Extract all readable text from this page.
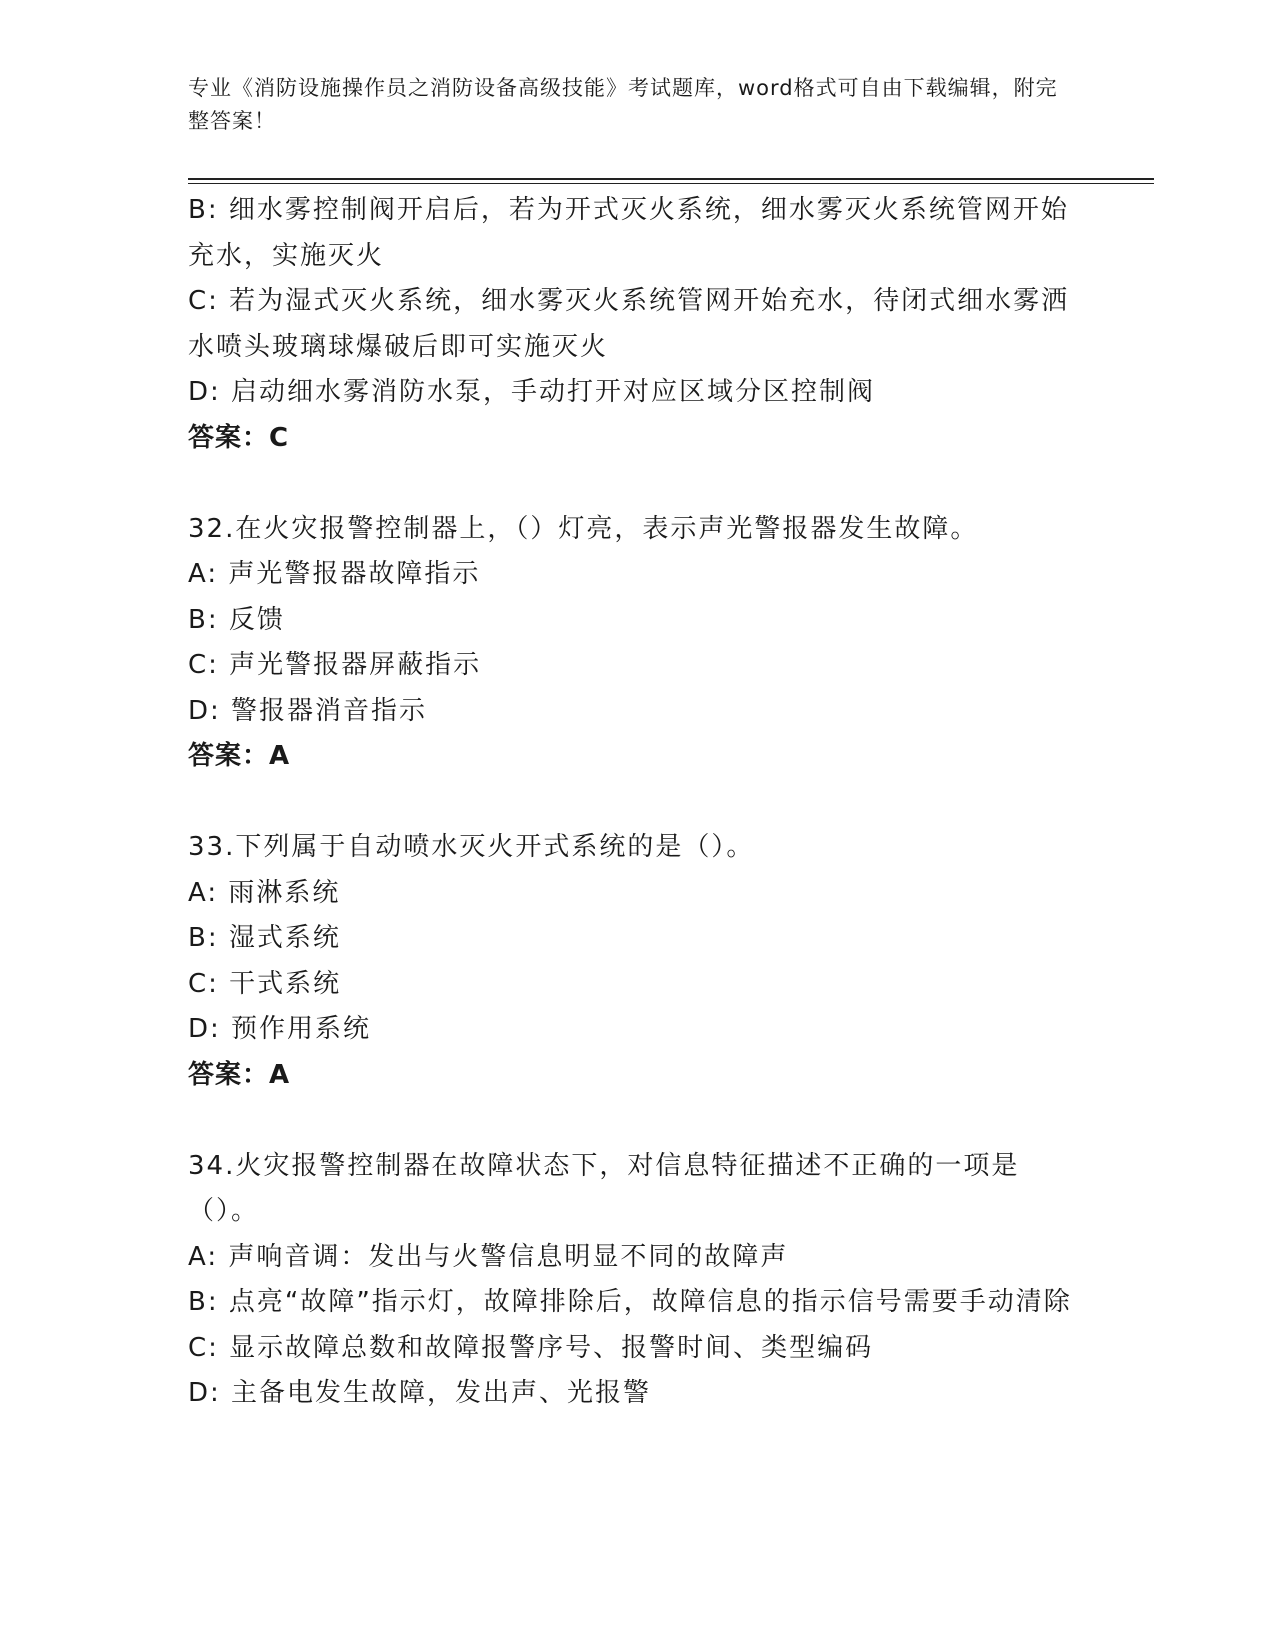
专业《消防设施操作员之消防设备高级技能》考试题库，word格式可自由下载编辑，附完整答案！

B: 细水雾控制阀开启后，若为开式灭火系统，细水雾灭火系统管网开始充水，实施灭火

C: 若为湿式灭火系统，细水雾灭火系统管网开始充水，待闭式细水雾洒水喷头玻璃球爆破后即可实施灭火

D: 启动细水雾消防水泵，手动打开对应区域分区控制阀

答案：C

32.在火灾报警控制器上，（）灯亮，表示声光警报器发生故障。

A: 声光警报器故障指示

B: 反馈

C: 声光警报器屏蔽指示

D: 警报器消音指示

答案：A

33.下列属于自动喷水灭火开式系统的是（）。

A: 雨淋系统

B: 湿式系统

C: 干式系统

D: 预作用系统

答案：A

34.火灾报警控制器在故障状态下，对信息特征描述不正确的一项是（）。

A: 声响音调：发出与火警信息明显不同的故障声

B: 点亮“故障”指示灯，故障排除后，故障信息的指示信号需要手动清除

C: 显示故障总数和故障报警序号、报警时间、类型编码

D: 主备电发生故障，发出声、光报警
